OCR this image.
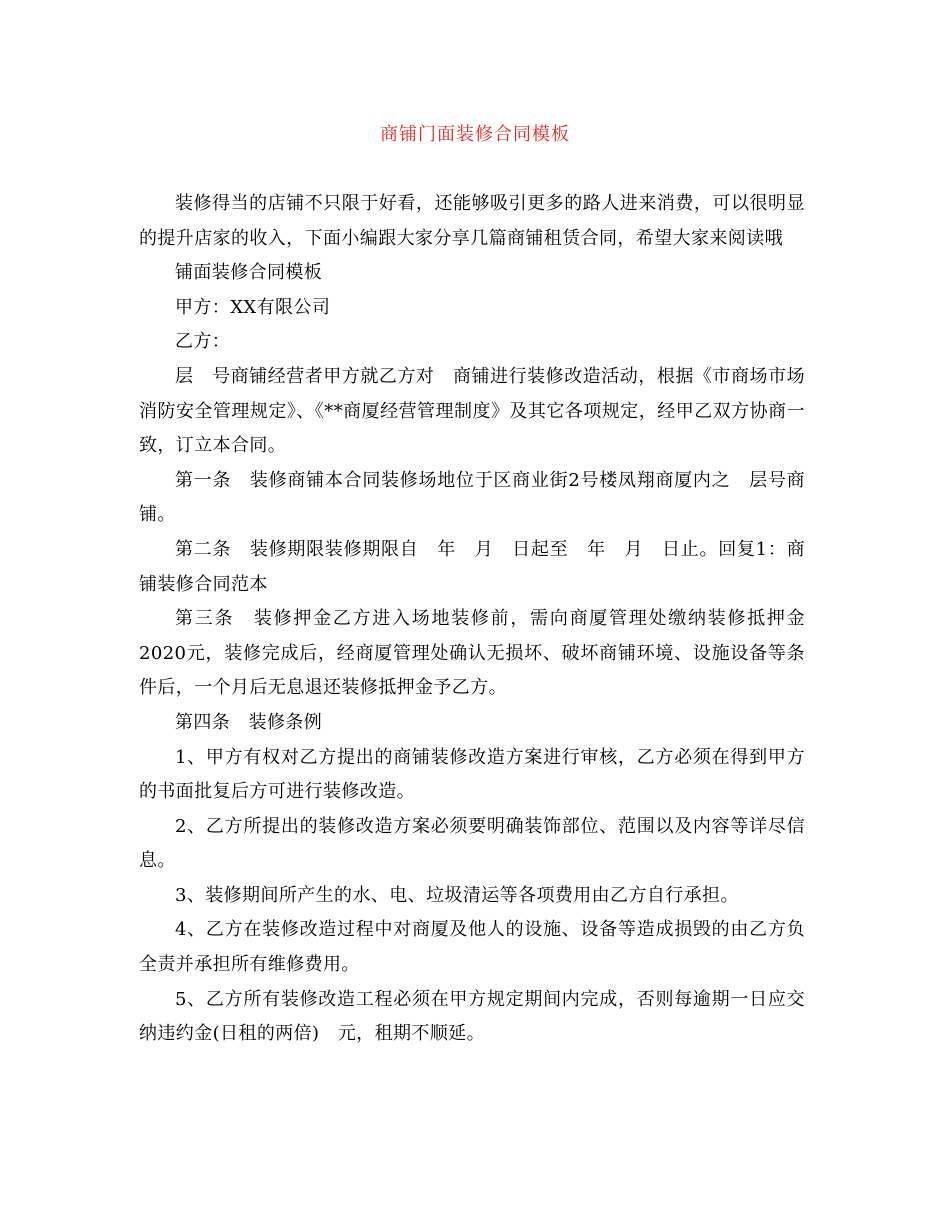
商铺门面装修合同模板

装修得当的店铺不只限于好看，还能够吸引更多的路人进来消费，可以很明显的提升店家的收入，下面小编跟大家分享几篇商铺租赁合同，希望大家来阅读哦

铺面装修合同模板

甲方：XX有限公司

乙方：

层　号商铺经营者甲方就乙方对　商铺进行装修改造活动，根据《市商场市场消防安全管理规定》、《**商厦经营管理制度》及其它各项规定，经甲乙双方协商一致，订立本合同。

第一条　装修商铺本合同装修场地位于区商业街2号楼凤翔商厦内之　层号商铺。

第二条　装修期限装修期限自　年　月　日起至　年　月　日止。回复1：商铺装修合同范本

第三条　装修押金乙方进入场地装修前，需向商厦管理处缴纳装修抵押金2020元，装修完成后，经商厦管理处确认无损坏、破坏商铺环境、设施设备等条件后，一个月后无息退还装修抵押金予乙方。

第四条　装修条例

1、甲方有权对乙方提出的商铺装修改造方案进行审核，乙方必须在得到甲方的书面批复后方可进行装修改造。

2、乙方所提出的装修改造方案必须要明确装饰部位、范围以及内容等详尽信息。

3、装修期间所产生的水、电、垃圾清运等各项费用由乙方自行承担。

4、乙方在装修改造过程中对商厦及他人的设施、设备等造成损毁的由乙方负全责并承担所有维修费用。

5、乙方所有装修改造工程必须在甲方规定期间内完成，否则每逾期一日应交纳违约金(日租的两倍)　元，租期不顺延。
